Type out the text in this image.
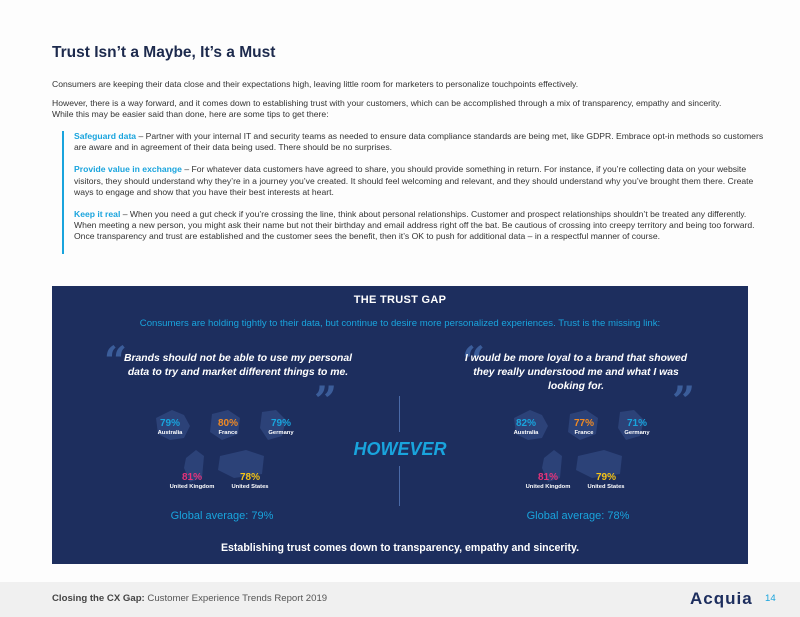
Trust Isn’t a Maybe, It’s a Must
Consumers are keeping their data close and their expectations high, leaving little room for marketers to personalize touchpoints effectively.
However, there is a way forward, and it comes down to establishing trust with your customers, which can be accomplished through a mix of transparency, empathy and sincerity. While this may be easier said than done, here are some tips to get there:
Safeguard data – Partner with your internal IT and security teams as needed to ensure data compliance standards are being met, like GDPR. Embrace opt-in methods so customers are aware and in agreement of their data being used. There should be no surprises.
Provide value in exchange – For whatever data customers have agreed to share, you should provide something in return. For instance, if you’re collecting data on your website visitors, they should understand why they’re in a journey you’ve created. It should feel welcoming and relevant, and they should understand why you’ve brought them there. Create ways to engage and show that you have their best interests at heart.
Keep it real – When you need a gut check if you’re crossing the line, think about personal relationships. Customer and prospect relationships shouldn’t be treated any differently. When meeting a new person, you might ask their name but not their birthday and email address right off the bat. Be cautious of crossing into creepy territory and being too forward. Once transparency and trust are established and the customer sees the benefit, then it’s OK to push for additional data – in a respectful manner of course.
THE TRUST GAP
Consumers are holding tightly to their data, but continue to desire more personalized experiences. Trust is the missing link:
“
Brands should not be able to use my personal data to try and market different things to me.
”
“
I would be more loyal to a brand that showed they really understood me and what I was looking for.	”
HOWEVER
79%
Australia
80%
France
79%
Germany
81%
United Kingdom
78%
United States
82%
Australia
77%
France
71%
Germany
81%
United Kingdom
79%
United States
Global average: 79%	Global average: 78%
Establishing trust comes down to transparency, empathy and sincerity.
Closing the CX Gap: Customer Experience Trends Report 2019	Acquia 14
